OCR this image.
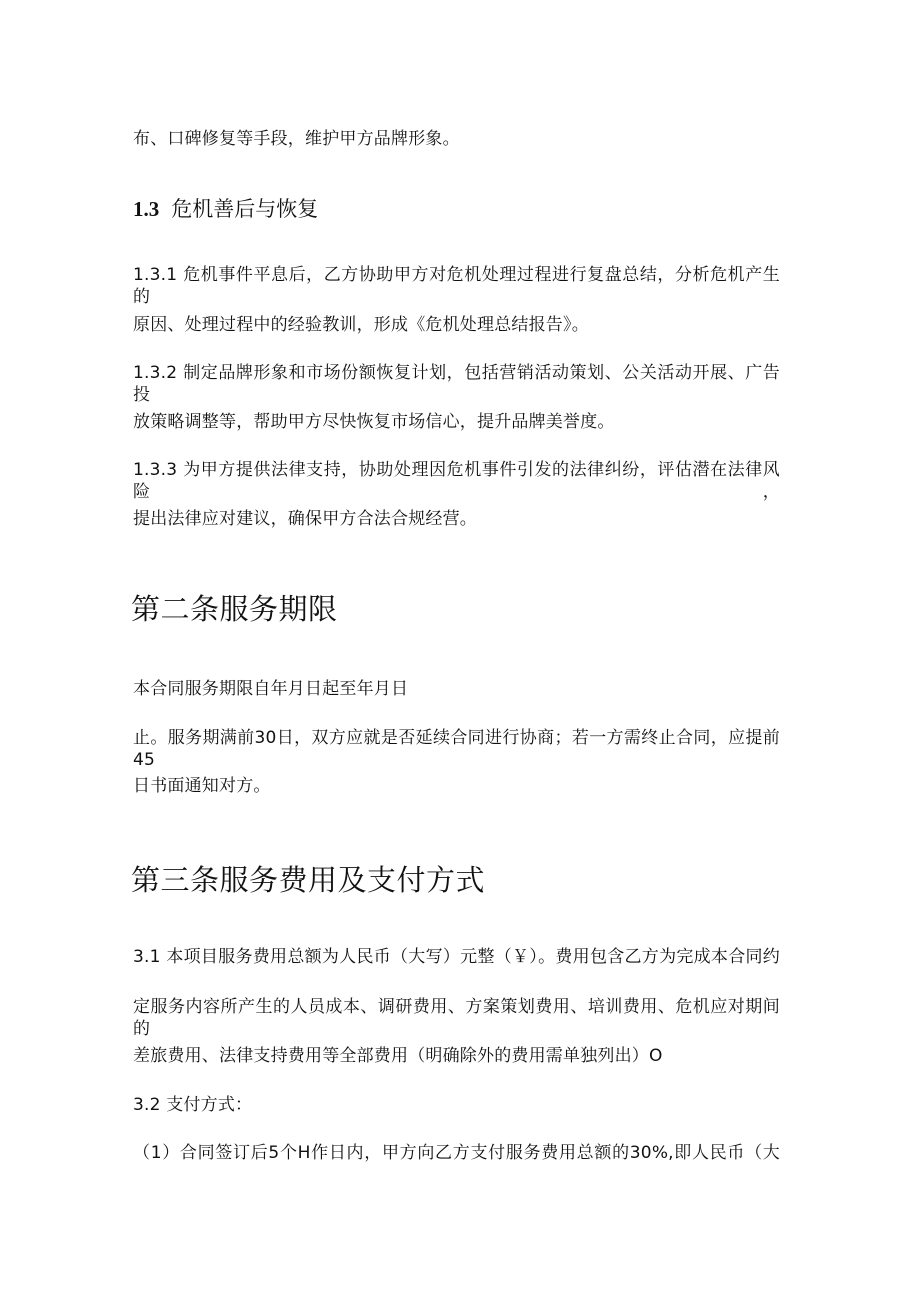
布、口碑修复等手段，维护甲方品牌形象。
1.3 危机善后与恢复
1.3.1 危机事件平息后，乙方协助甲方对危机处理过程进行复盘总结，分析危机产生的
原因、处理过程中的经验教训，形成《危机处理总结报告》。
1.3.2 制定品牌形象和市场份额恢复计划，包括营销活动策划、公关活动开展、广告投
放策略调整等，帮助甲方尽快恢复市场信心，提升品牌美誉度。
1.3.3 为甲方提供法律支持，协助处理因危机事件引发的法律纠纷，评估潜在法律风险，
提出法律应对建议，确保甲方合法合规经营。
第二条服务期限
本合同服务期限自年月日起至年月日
止。服务期满前30日，双方应就是否延续合同进行协商；若一方需终止合同，应提前45
日书面通知对方。
第三条服务费用及支付方式
3.1 本项目服务费用总额为人民币（大写）元整（￥）。费用包含乙方为完成本合同约
定服务内容所产生的人员成本、调研费用、方案策划费用、培训费用、危机应对期间的
差旅费用、法律支持费用等全部费用（明确除外的费用需单独列出）O
3.2 支付方式：
（1）合同签订后5个H作日内，甲方向乙方支付服务费用总额的30%,即人民币（大
